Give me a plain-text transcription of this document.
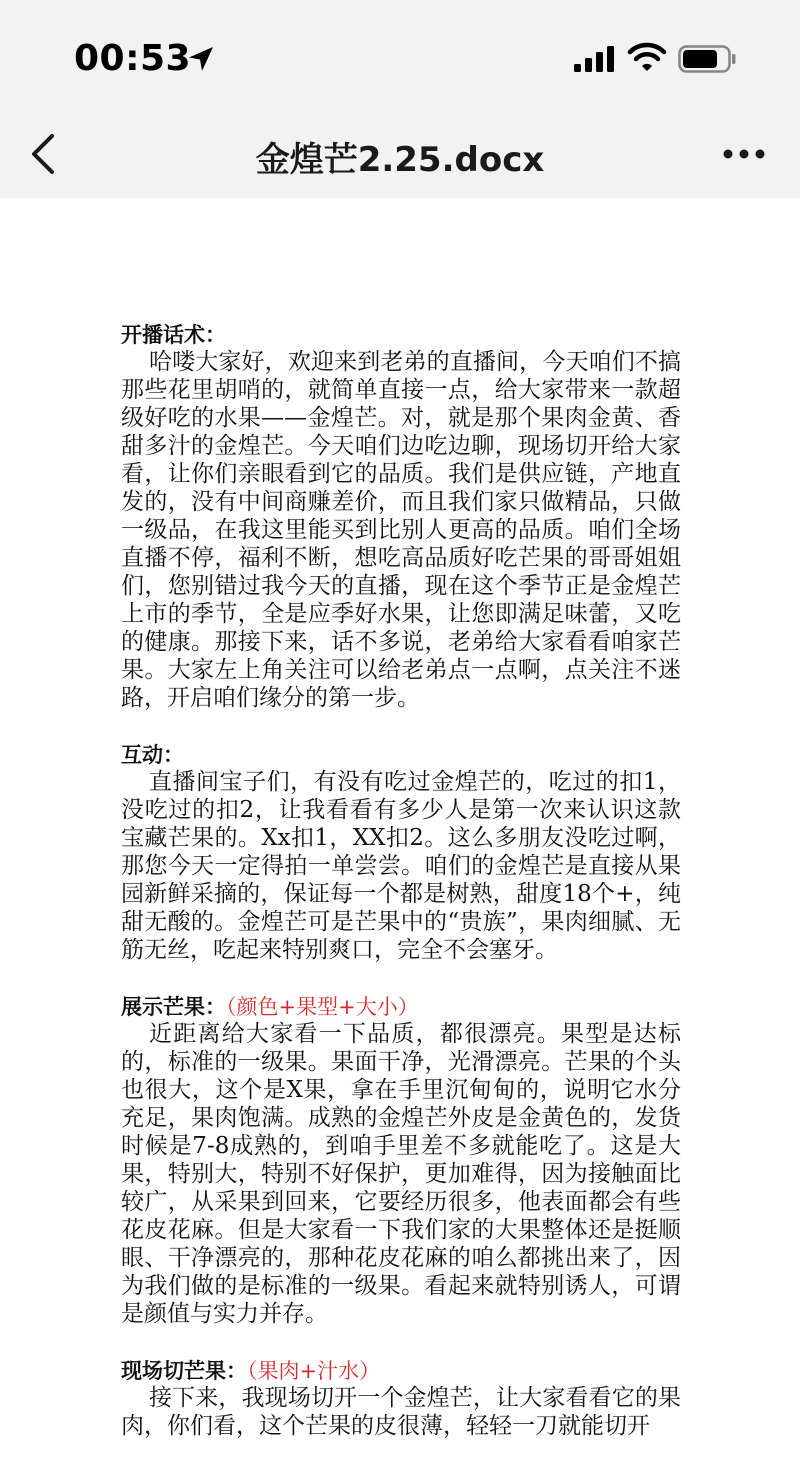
00:53
金煌芒2.25.docx
开播话术：
哈喽大家好，欢迎来到老弟的直播间，今天咱们不搞那些花里胡哨的，就简单直接一点，给大家带来一款超级好吃的水果——金煌芒。对，就是那个果肉金黄、香甜多汁的金煌芒。今天咱们边吃边聊，现场切开给大家看，让你们亲眼看到它的品质。我们是供应链，产地直发的，没有中间商赚差价，而且我们家只做精品，只做一级品，在我这里能买到比别人更高的品质。咱们全场直播不停，福利不断，想吃高品质好吃芒果的哥哥姐姐们，您别错过我今天的直播，现在这个季节正是金煌芒上市的季节，全是应季好水果，让您即满足味蕾，又吃的健康。那接下来，话不多说，老弟给大家看看咱家芒果。大家左上角关注可以给老弟点一点啊，点关注不迷路，开启咱们缘分的第一步。
互动：
直播间宝子们，有没有吃过金煌芒的，吃过的扣1，没吃过的扣2，让我看看有多少人是第一次来认识这款宝藏芒果的。Xx扣1，XX扣2。这么多朋友没吃过啊，那您今天一定得拍一单尝尝。咱们的金煌芒是直接从果园新鲜采摘的，保证每一个都是树熟，甜度18个+，纯甜无酸的。金煌芒可是芒果中的“贵族”，果肉细腻、无筋无丝，吃起来特别爽口，完全不会塞牙。
展示芒果：（颜色+果型+大小）
近距离给大家看一下品质，都很漂亮。果型是达标的，标准的一级果。果面干净，光滑漂亮。芒果的个头也很大，这个是X果，拿在手里沉甸甸的，说明它水分充足，果肉饱满。成熟的金煌芒外皮是金黄色的，发货时候是7-8成熟的，到咱手里差不多就能吃了。这是大果，特别大，特别不好保护，更加难得，因为接触面比较广，从采果到回来，它要经历很多，他表面都会有些花皮花麻。但是大家看一下我们家的大果整体还是挺顺眼、干净漂亮的，那种花皮花麻的咱么都挑出来了，因为我们做的是标准的一级果。看起来就特别诱人，可谓是颜值与实力并存。
现场切芒果：（果肉+汁水）
接下来，我现场切开一个金煌芒，让大家看看它的果肉，你们看，这个芒果的皮很薄，轻轻一刀就能切开
